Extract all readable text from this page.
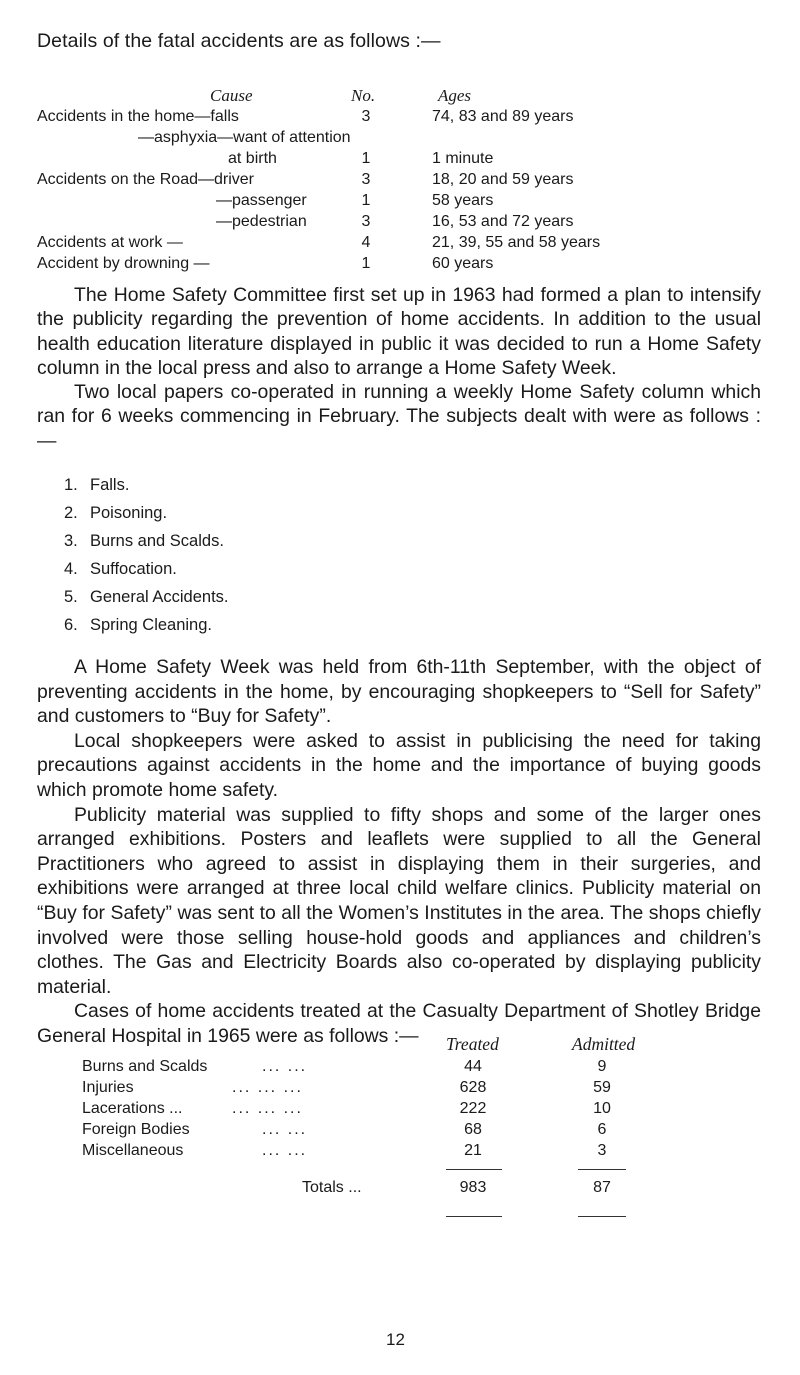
Details of the fatal accidents are as follows :—
Cause	No.	Ages
Accidents in the home—falls	3	74, 83 and 89 years
—asphyxia—want of attention
at birth	1	1 minute
Accidents on the Road—driver	3	18, 20 and 59 years
—passenger	1	58 years
—pedestrian	3	16, 53 and 72 years
Accidents at work —	4	21, 39, 55 and 58 years
Accident by drowning —	1	60 years

The Home Safety Committee first set up in 1963 had formed a plan to intensify the publicity regarding the prevention of home accidents. In addition to the usual health education literature displayed in public it was decided to run a Home Safety column in the local press and also to arrange a Home Safety Week.

Two local papers co-operated in running a weekly Home Safety column which ran for 6 weeks commencing in February. The subjects dealt with were as follows :—

1. Falls.
2. Poisoning.
3. Burns and Scalds.
4. Suffocation.
5. General Accidents.
6. Spring Cleaning.

A Home Safety Week was held from 6th-11th September, with the object of preventing accidents in the home, by encouraging shopkeepers to “Sell for Safety” and customers to “Buy for Safety”.

Local shopkeepers were asked to assist in publicising the need for taking precautions against accidents in the home and the importance of buying goods which promote home safety.

Publicity material was supplied to fifty shops and some of the larger ones arranged exhibitions. Posters and leaflets were supplied to all the General Practitioners who agreed to assist in displaying them in their surgeries, and exhibitions were arranged at three local child welfare clinics. Publicity material on “Buy for Safety” was sent to all the Women’s Institutes in the area. The shops chiefly involved were those selling house-hold goods and appliances and children’s clothes. The Gas and Electricity Boards also co-operated by displaying publicity material.

Cases of home accidents treated at the Casualty Department of Shotley Bridge General Hospital in 1965 were as follows :—	Treated	Admitted
Burns and Scalds	... ...	44	9
Injuries	... ... ...	628	59
Lacerations ...	... ... ...	222	10
Foreign Bodies	... ...	68	6
Miscellaneous	... ...	21	3
Totals ...	983	87
12
